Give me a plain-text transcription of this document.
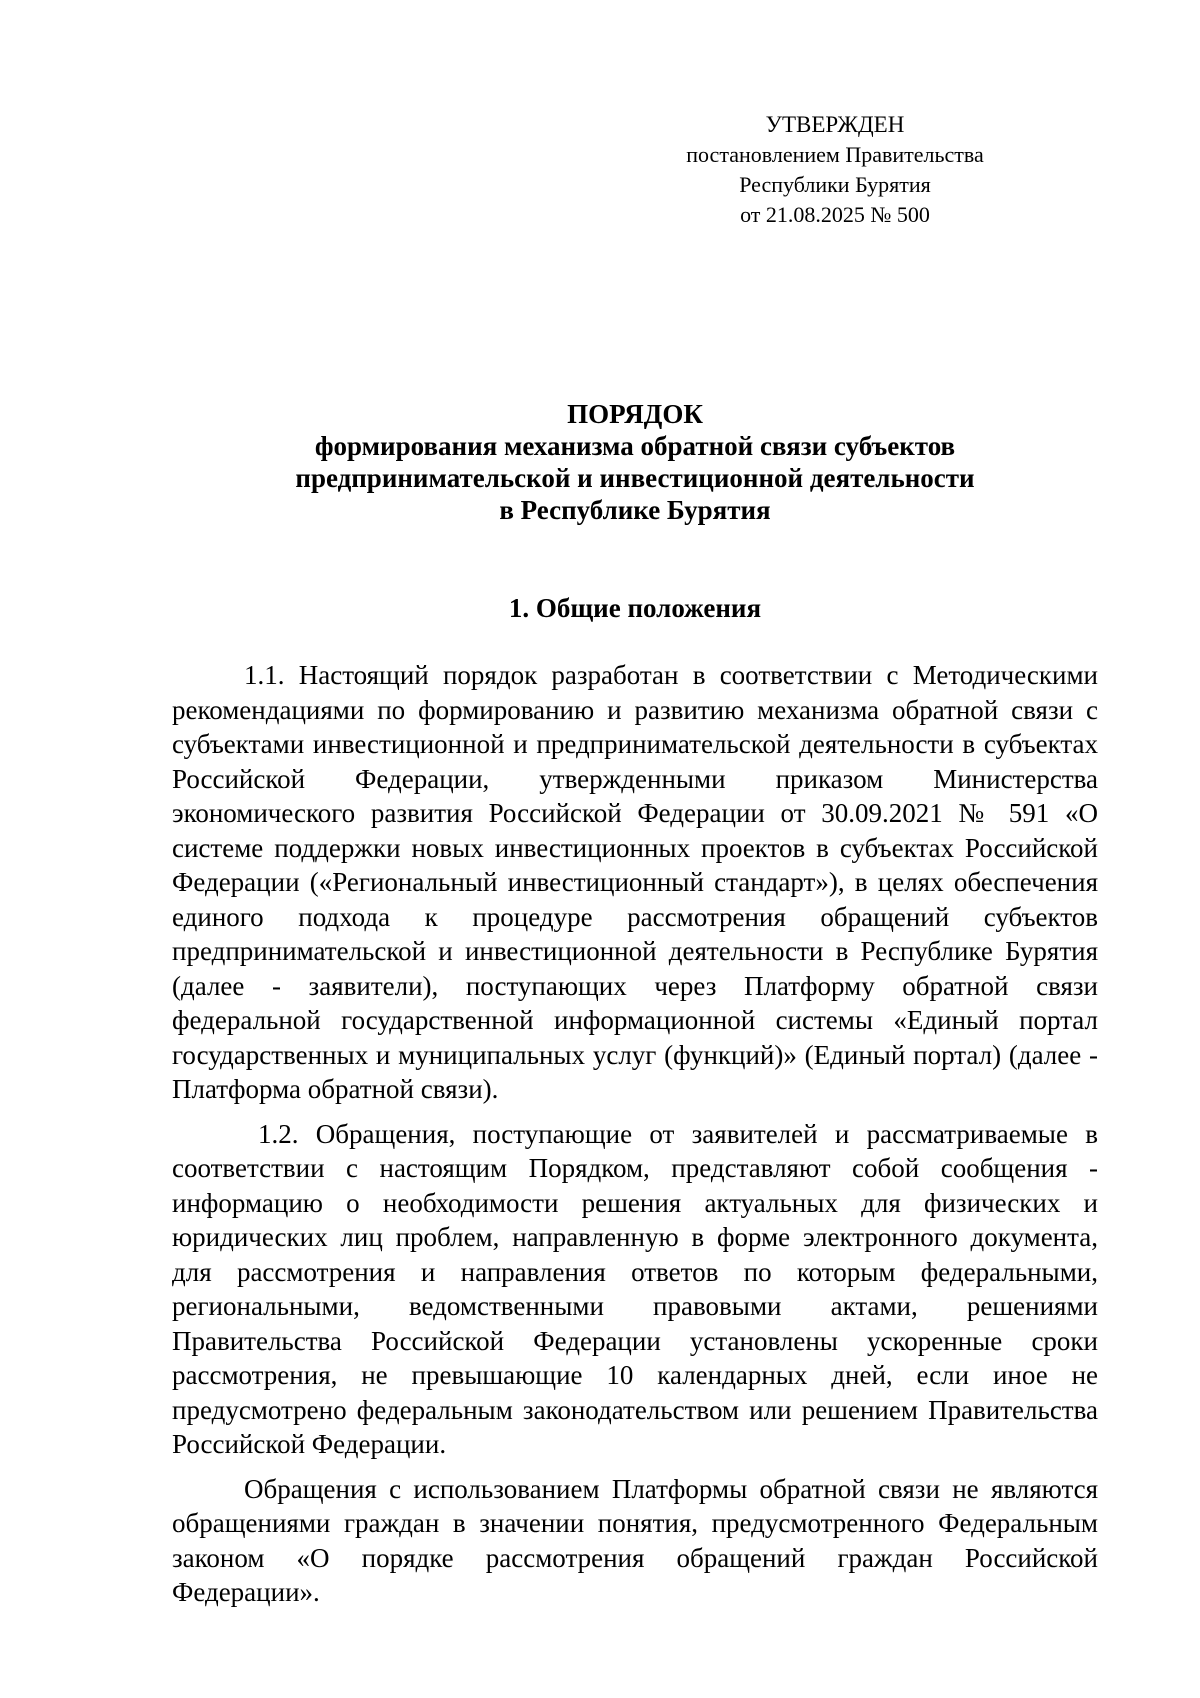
УТВЕРЖДЕН
постановлением Правительства
Республики Бурятия
от 21.08.2025 № 500
ПОРЯДОК
формирования механизма обратной связи субъектов
предпринимательской и инвестиционной деятельности
в Республике Бурятия
1. Общие положения

1.1. Настоящий порядок разработан в соответствии с Методическими рекомендациями по формированию и развитию механизма обратной связи с субъектами инвестиционной и предпринимательской деятельности в субъектах Российской Федерации, утвержденными приказом Министерства экономического развития Российской Федерации от 30.09.2021 № 591 «О системе поддержки новых инвестиционных проектов в субъектах Российской Федерации («Региональный инвестиционный стандарт»), в целях обеспечения единого подхода к процедуре рассмотрения обращений субъектов предпринимательской и инвестиционной деятельности в Республике Бурятия (далее - заявители), поступающих через Платформу обратной связи федеральной государственной информационной системы «Единый портал государственных и муниципальных услуг (функций)» (Единый портал) (далее - Платформа обратной связи).

1.2. Обращения, поступающие от заявителей и рассматриваемые в соответствии с настоящим Порядком, представляют собой сообщения - информацию о необходимости решения актуальных для физических и юридических лиц проблем, направленную в форме электронного документа, для рассмотрения и направления ответов по которым федеральными, региональными, ведомственными правовыми актами, решениями Правительства Российской Федерации установлены ускоренные сроки рассмотрения, не превышающие 10 календарных дней, если иное не предусмотрено федеральным законодательством или решением Правительства Российской Федерации.

Обращения с использованием Платформы обратной связи не являются обращениями граждан в значении понятия, предусмотренного Федеральным законом «О порядке рассмотрения обращений граждан Российской Федерации».
